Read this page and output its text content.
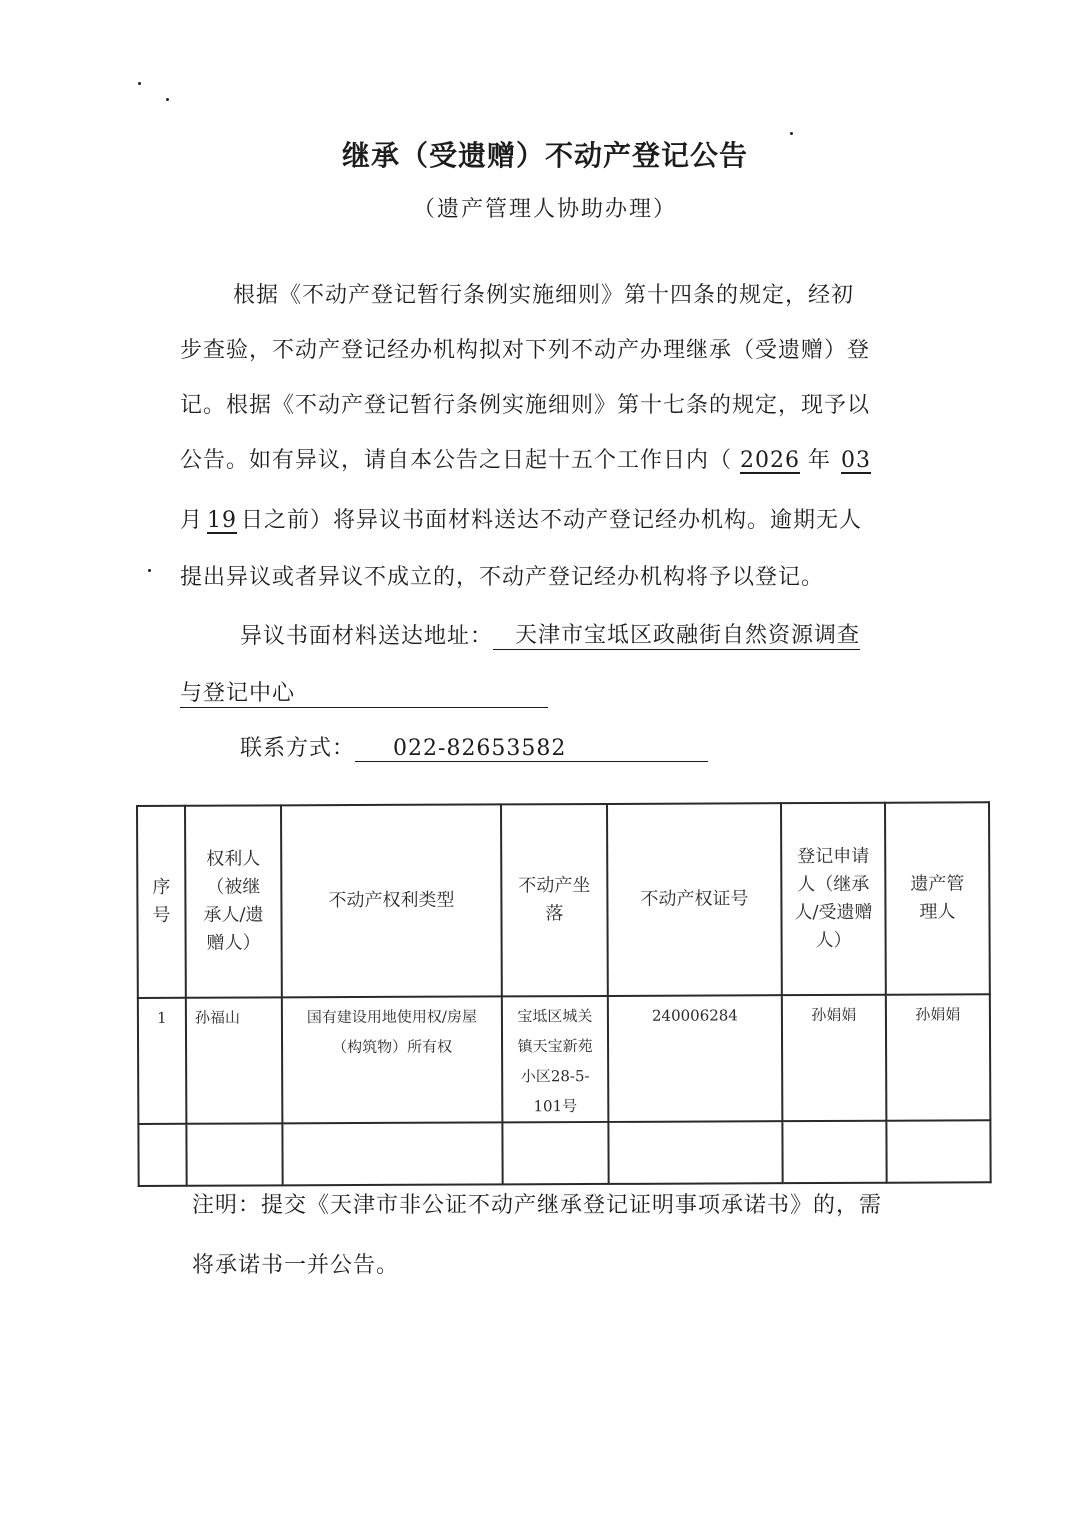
继承（受遗赠）不动产登记公告
（遗产管理人协助办理）
根据《不动产登记暂行条例实施细则》第十四条的规定，经初
步查验，不动产登记经办机构拟对下列不动产办理继承（受遗赠）登
记。根据《不动产登记暂行条例实施细则》第十七条的规定，现予以
公告。如有异议，请自本公告之日起十五个工作日内（ 2026 年 03
月 19 日之前）将异议书面材料送达不动产登记经办机构。逾期无人
提出异议或者异议不成立的，不动产登记经办机构将予以登记。
异议书面材料送达地址： 天津市宝坻区政融街自然资源调查
与登记中心
联系方式： 022-82653582
序号	权利人（被继承人/遗赠人）	不动产权利类型	不动产坐落	不动产权证号	登记申请人（继承人/受遗赠人）	遗产管理人
1	孙福山	国有建设用地使用权/房屋（构筑物）所有权	宝坻区城关镇天宝新苑小区28-5-101号	240006284	孙娟娟	孙娟娟

注明：提交《天津市非公证不动产继承登记证明事项承诺书》的，需
将承诺书一并公告。
